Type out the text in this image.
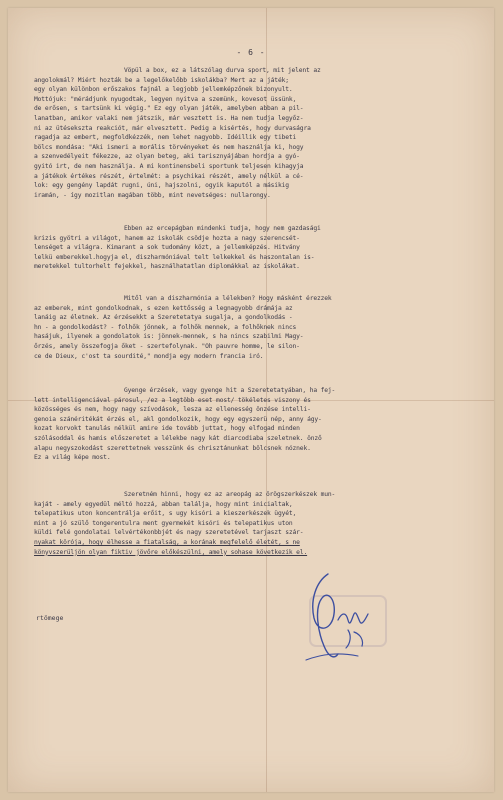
- 6 -
Vöpül a box, ez a látszólag durva sport, mit jelent az
angolokmál? Miért hozták be a legelőkelőbb iskolákba? Mert az a játék;
egy olyan különbon erőszakos fajnál a legjobb jellemképzőnek bizonyult.
Mottójuk: "mérádjunk nyugodtak, legyen nyitva a szemünk, kovesot üssünk,
de erősen, s tartsünk ki végig." Ez egy olyan játék, amelyben abban a pil-
lanatban, amikor valaki nem játszik, már vesztett is. Ha nem tudja legyőz-
ni az ütésekszta reakciót, már elvesztett. Pedig a kisértés, hogy durvaságra
ragadja az embert, megfoldkézzék, nem lehet nagyobb. Idéillik egy tibeti
bölcs mondása: "Aki ismeri a morális törvényeket és nem használja ki, hogy
a szenvedélyeit fékezze, az olyan beteg, aki tarisznyájában hordja a gyó-
gyitó irt, de nem használja. A mi kontinensbeli sportunk teljesen kihagyja
a játékok értékes részét, értelmét: a psychikai részét, amely nélkül a cé-
lok: egy gengény lapdát rugni, úni, hajszolni, ogyik kaputól a másikig
iramán, - így mozitlan magában több, mint nevetséges: nullarongy.
Ebben az ercepágban mindenki tudja, hogy nem gazdasági
krizis gyötri a világot, hanem az iskolák csödje hozta a nagy szerencsét-
lenséget a világra. Kimarant a sok tudomány közt, a jellemképzés. Hitvány
lelkü emberekkel.hogyja el, diszharmóniával telt lelkekkel és haszontalan is-
meretekkel tultorhelt fejekkel, használhatatlan diplomákkal az iskolákat.
Mitől van a diszharmónia a lélekben? Hogy másként érezzek
az emberek, mint gondolkodnak, s ezen kettősség a legnagyobb drámája az
lanáig az életnek. Az érzésekkt a Szeretetatya sugalja, a gondolkodás -
hn - a gondolkodást? - folhők jönnek, a folhők mennek, a folhőknek nincs
hasájuk, ilyenek a gondolatok is: jönnek-mennek, s ha nincs szabilmi Magy-
őrzés, amely összefogja őket - szertefolynak. "Oh pauvre homme, le silon-
ce de Dieux, c'ost ta sourdité," mondja egy modern francia iró.
Gyenge érzések, vagy gyenge hit a Szeretetatyában, ha fej-
lett intelligenciával párosul, /ez a legtöbb eset most/ tökéletes viszony és
közösséges és nem, hogy nagy szívodások, lesza az ellenesség önzése intelli-
genoia szánéritékát érzés el, akl gondolkozik, hogy egy egyszerü nép, anny ágy-
kozat korvokt tanulás nélkül amire ide tovább juttat, hogy elfogad minden
szólásoddal és hamis előszeretet a lélekbe nagy kát diarcodiaba szeletnek. önző
alapu negyszokodást szerettetnek vesszünk és chrisztánunkat bölcsnek nóznek.
Ez a világ képe most.
Szeretném hinni, hogy ez az areopág az örögszerkészek mun-
kaját - amely egyedül méltó hozzá, abban találja, hogy mint inicialtak,
telepatikus uton koncentrálja erőit, s ugy kisóri a kieszerkészek ügyét,
mint a jó szülő tongerentulra ment gyermekét kisóri és telepatikus uton
küldi felé gondolatai lelvértékonbbjét és nagy szeretetével tarjaszt szár-
nyakat körója, hogy élhesse a fiatalság, a korának megfelelő életét, s ne
könyvszerüljön olyan fiktiv jövőre előkészülni, amely sohase következik el.
rtömege
